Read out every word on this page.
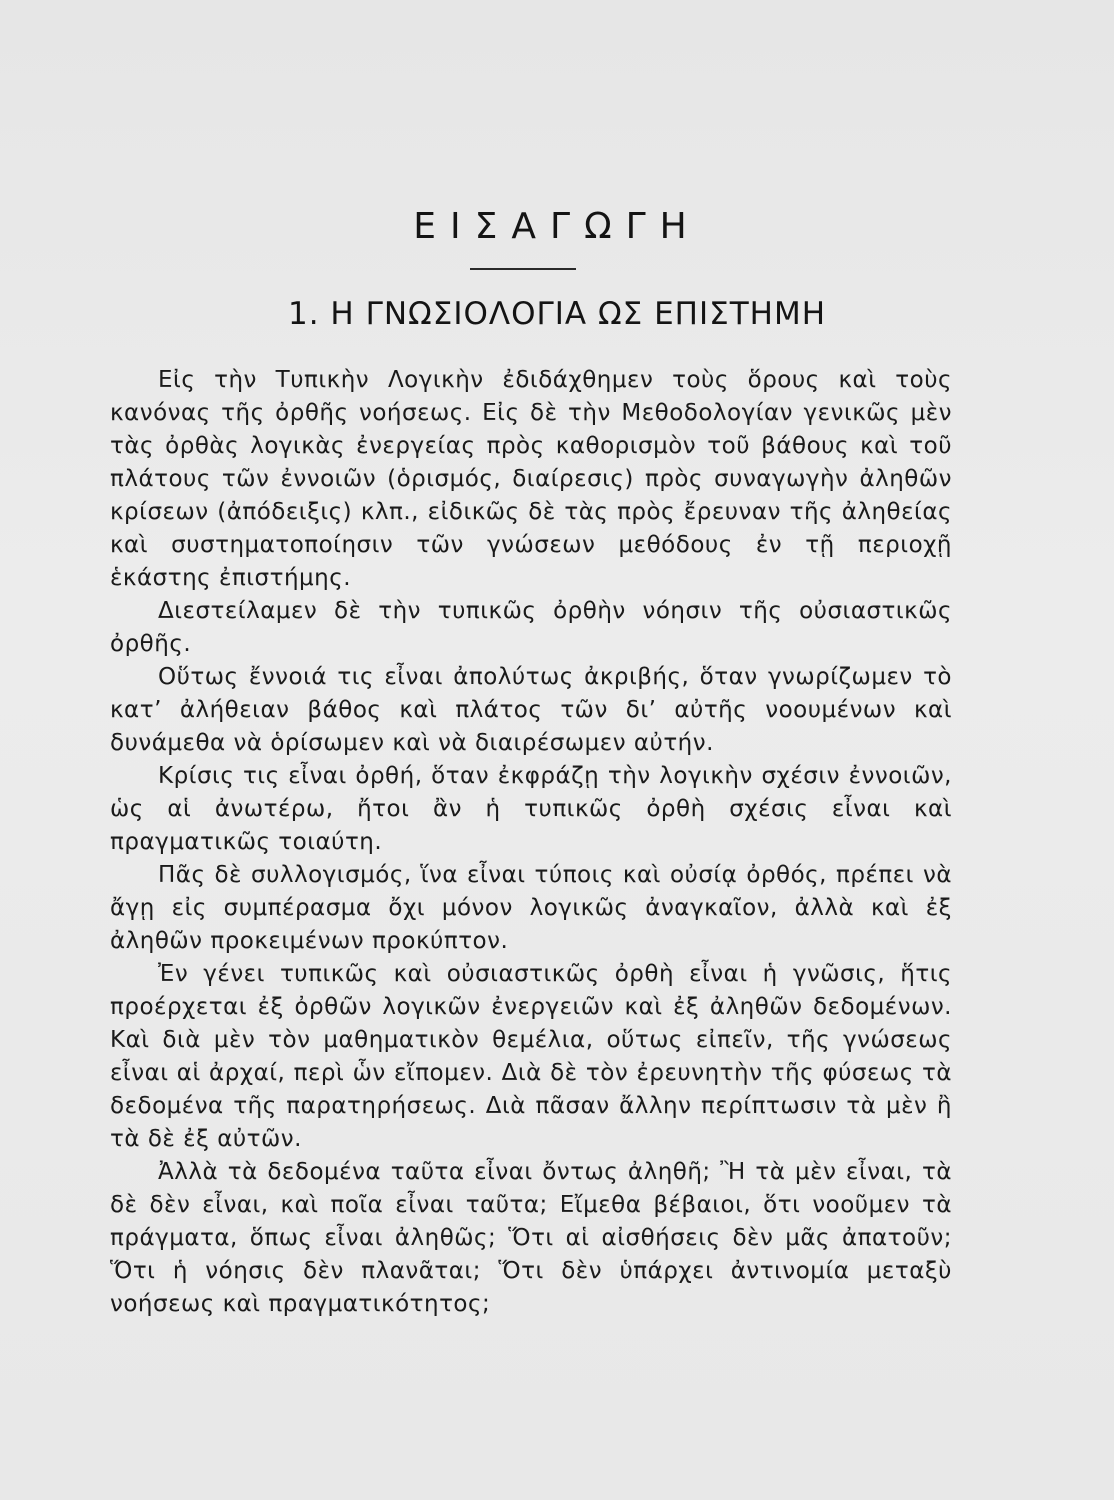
ΕΙΣΑΓΩΓΗ
1. Η ΓΝΩΣΙΟΛΟΓΙΑ ΩΣ ΕΠΙΣΤΗΜΗ

Εἰς τὴν Τυπικὴν Λογικὴν ἐδιδάχθημεν τοὺς ὅρους καὶ τοὺς κανόνας τῆς ὀρθῆς νοήσεως. Εἰς δὲ τὴν Μεθοδολογίαν γενικῶς μὲν τὰς ὀρθὰς λογικὰς ἐνεργείας πρὸς καθορισμὸν τοῦ βάθους καὶ τοῦ πλάτους τῶν ἐννοιῶν (ὁρισμός, διαίρεσις) πρὸς συναγωγὴν ἀληθῶν κρίσεων (ἀπόδειξις) κλπ., εἰδικῶς δὲ τὰς πρὸς ἔρευναν τῆς ἀληθείας καὶ συστηματοποίησιν τῶν γνώσεων μεθόδους ἐν τῇ περιοχῇ ἑκάστης ἐπιστήμης.

Διεστείλαμεν δὲ τὴν τυπικῶς ὀρθὴν νόησιν τῆς οὐσιαστικῶς ὀρθῆς.

Οὕτως ἔννοιά τις εἶναι ἀπολύτως ἀκριβής, ὅταν γνωρίζωμεν τὸ κατ’ ἀλήθειαν βάθος καὶ πλάτος τῶν δι’ αὐτῆς νοουμένων καὶ δυνάμεθα νὰ ὁρίσωμεν καὶ νὰ διαιρέσωμεν αὐτήν.

Κρίσις τις εἶναι ὀρθή, ὅταν ἐκφράζῃ τὴν λογικὴν σχέσιν ἐννοιῶν, ὡς αἱ ἀνωτέρω, ἤτοι ἂν ἡ τυπικῶς ὀρθὴ σχέσις εἶναι καὶ πραγματικῶς τοιαύτη.

Πᾶς δὲ συλλογισμός, ἵνα εἶναι τύποις καὶ οὐσίᾳ ὀρθός, πρέπει νὰ ἄγῃ εἰς συμπέρασμα ὄχι μόνον λογικῶς ἀναγκαῖον, ἀλλὰ καὶ ἐξ ἀληθῶν προκειμένων προκύπτον.

Ἐν γένει τυπικῶς καὶ οὐσιαστικῶς ὀρθὴ εἶναι ἡ γνῶσις, ἥτις προέρχεται ἐξ ὀρθῶν λογικῶν ἐνεργειῶν καὶ ἐξ ἀληθῶν δεδομένων. Καὶ διὰ μὲν τὸν μαθηματικὸν θεμέλια, οὕτως εἰπεῖν, τῆς γνώσεως εἶναι αἱ ἀρχαί, περὶ ὧν εἴπομεν. Διὰ δὲ τὸν ἐρευνητὴν τῆς φύσεως τὰ δεδομένα τῆς παρατηρήσεως. Διὰ πᾶσαν ἄλλην περίπτωσιν τὰ μὲν ἢ τὰ δὲ ἐξ αὐτῶν.

Ἀλλὰ τὰ δεδομένα ταῦτα εἶναι ὄντως ἀληθῆ; Ἢ τὰ μὲν εἶναι, τὰ δὲ δὲν εἶναι, καὶ ποῖα εἶναι ταῦτα; Εἴμεθα βέβαιοι, ὅτι νοοῦμεν τὰ πράγματα, ὅπως εἶναι ἀληθῶς; Ὅτι αἱ αἰσθήσεις δὲν μᾶς ἀπατοῦν; Ὅτι ἡ νόησις δὲν πλανᾶται; Ὅτι δὲν ὑπάρχει ἀντινομία μεταξὺ νοήσεως καὶ πραγματικότητος;
